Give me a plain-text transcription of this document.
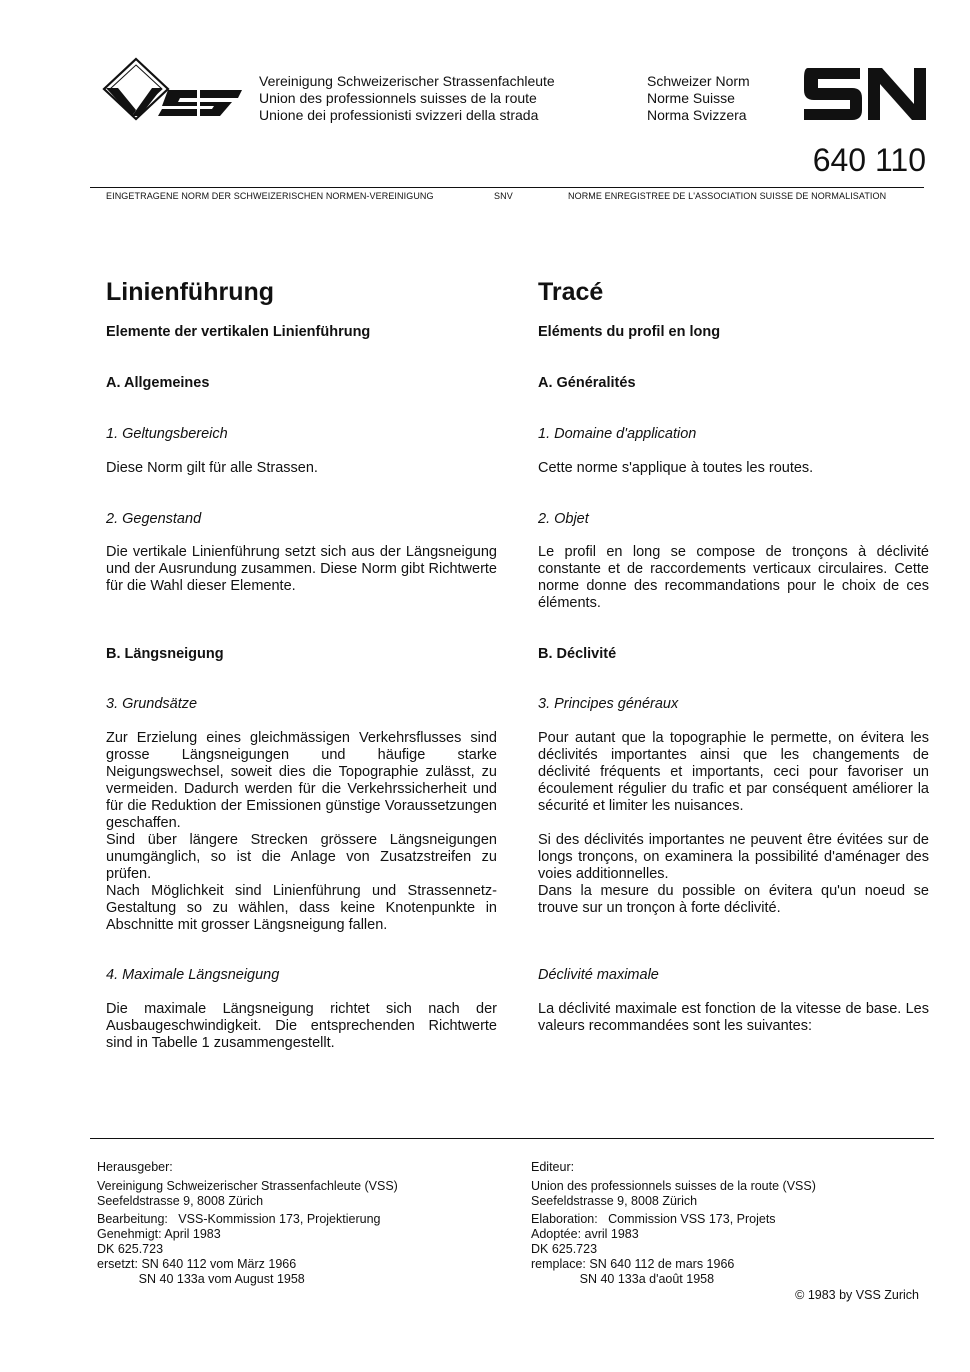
Vereinigung Schweizerischer Strassenfachleute
Union des professionnels suisses de la route
Unione dei professionisti svizzeri della strada
Schweizer Norm
Norme Suisse
Norma Svizzera
640 110
EINGETRAGENE NORM DER SCHWEIZERISCHEN NORMEN-VEREINIGUNG	SNV	NORME ENREGISTREE DE L'ASSOCIATION SUISSE DE NORMALISATION
Linienführung
Elemente der vertikalen Linienführung
A. Allgemeines
1. Geltungsbereich

Diese Norm gilt für alle Strassen.

2. Gegenstand

Die vertikale Linienführung setzt sich aus der Längsneigung und der Ausrundung zusammen. Diese Norm gibt Richtwerte für die Wahl dieser Elemente.

B. Längsneigung
3. Grundsätze

Zur Erzielung eines gleichmässigen Verkehrsflusses sind grosse Längsneigungen und häufige starke Neigungswechsel, soweit dies die Topographie zulässt, zu vermeiden. Dadurch werden für die Verkehrssicherheit und für die Reduktion der Emissionen günstige Voraussetzungen geschaffen.

Sind über längere Strecken grössere Längsneigungen unumgänglich, so ist die Anlage von Zusatzstreifen zu prüfen.

Nach Möglichkeit sind Linienführung und Strassennetz-Gestaltung so zu wählen, dass keine Knotenpunkte in Abschnitte mit grosser Längsneigung fallen.

4. Maximale Längsneigung

Die maximale Längsneigung richtet sich nach der Ausbaugeschwindigkeit. Die entsprechenden Richtwerte sind in Tabelle 1 zusammengestellt.

Tracé
Eléments du profil en long
A. Généralités
1. Domaine d'application

Cette norme s'applique à toutes les routes.

2. Objet

Le profil en long se compose de tronçons à déclivité constante et de raccordements verticaux circulaires. Cette norme donne des recommandations pour le choix de ces éléments.

B. Déclivité
3. Principes généraux

Pour autant que la topographie le permette, on évitera les déclivités importantes ainsi que les changements de déclivité fréquents et importants, ceci pour favoriser un écoulement régulier du trafic et par conséquent améliorer la sécurité et limiter les nuisances.

Si des déclivités importantes ne peuvent être évitées sur de longs tronçons, on examinera la possibilité d'aménager des voies additionnelles.

Dans la mesure du possible on évitera qu'un noeud se trouve sur un tronçon à forte déclivité.

Déclivité maximale

La déclivité maximale est fonction de la vitesse de base. Les valeurs recommandées sont les suivantes:

Herausgeber:
Vereinigung Schweizerischer Strassenfachleute (VSS)
Seefeldstrasse 9, 8008 Zürich
Bearbeitung:   VSS-Kommission 173, Projektierung
Genehmigt: April 1983
DK 625.723
ersetzt: SN 640 112 vom März 1966
SN 40 133a vom August 1958
Editeur:
Union des professionnels suisses de la route (VSS)
Seefeldstrasse 9, 8008 Zürich
Elaboration:   Commission VSS 173, Projets
Adoptée: avril 1983
DK 625.723
remplace: SN 640 112 de mars 1966
SN 40 133a d'août 1958
© 1983 by VSS Zurich
